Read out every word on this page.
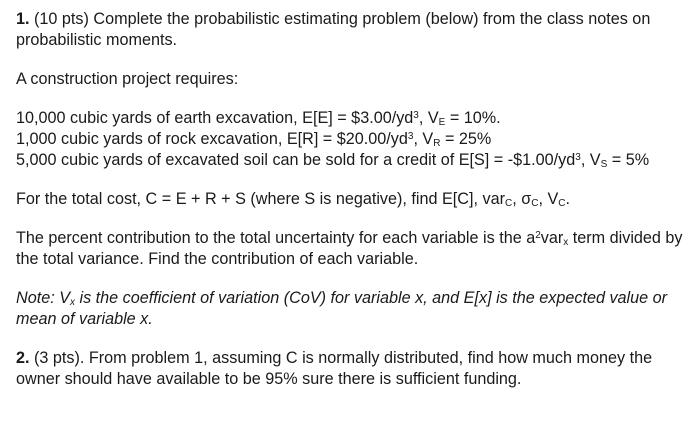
1. (10 pts) Complete the probabilistic estimating problem (below) from the class notes on probabilistic moments.

A construction project requires:

10,000 cubic yards of earth excavation, $E[E] = \$3.00/yd^3$, $V_E = 10\%$.
1,000 cubic yards of rock excavation, $E[R] = \$20.00/yd^3$, $V_R = 25\%$
5,000 cubic yards of excavated soil can be sold for a credit of $E[S] = -\$1.00/yd^3$, $V_S = 5\%$

For the total cost, C = E + R + S (where S is negative), find E[C], var$_C$, $\sigma_C$, $V_C$.

The percent contribution to the total uncertainty for each variable is the $a^2var_x$ term divided by the total variance. Find the contribution of each variable.

Note: $V_x$ is the coefficient of variation (CoV) for variable x, and E[x] is the expected value or mean of variable x.

2. (3 pts). From problem 1, assuming C is normally distributed, find how much money the owner should have available to be 95% sure there is sufficient funding.
